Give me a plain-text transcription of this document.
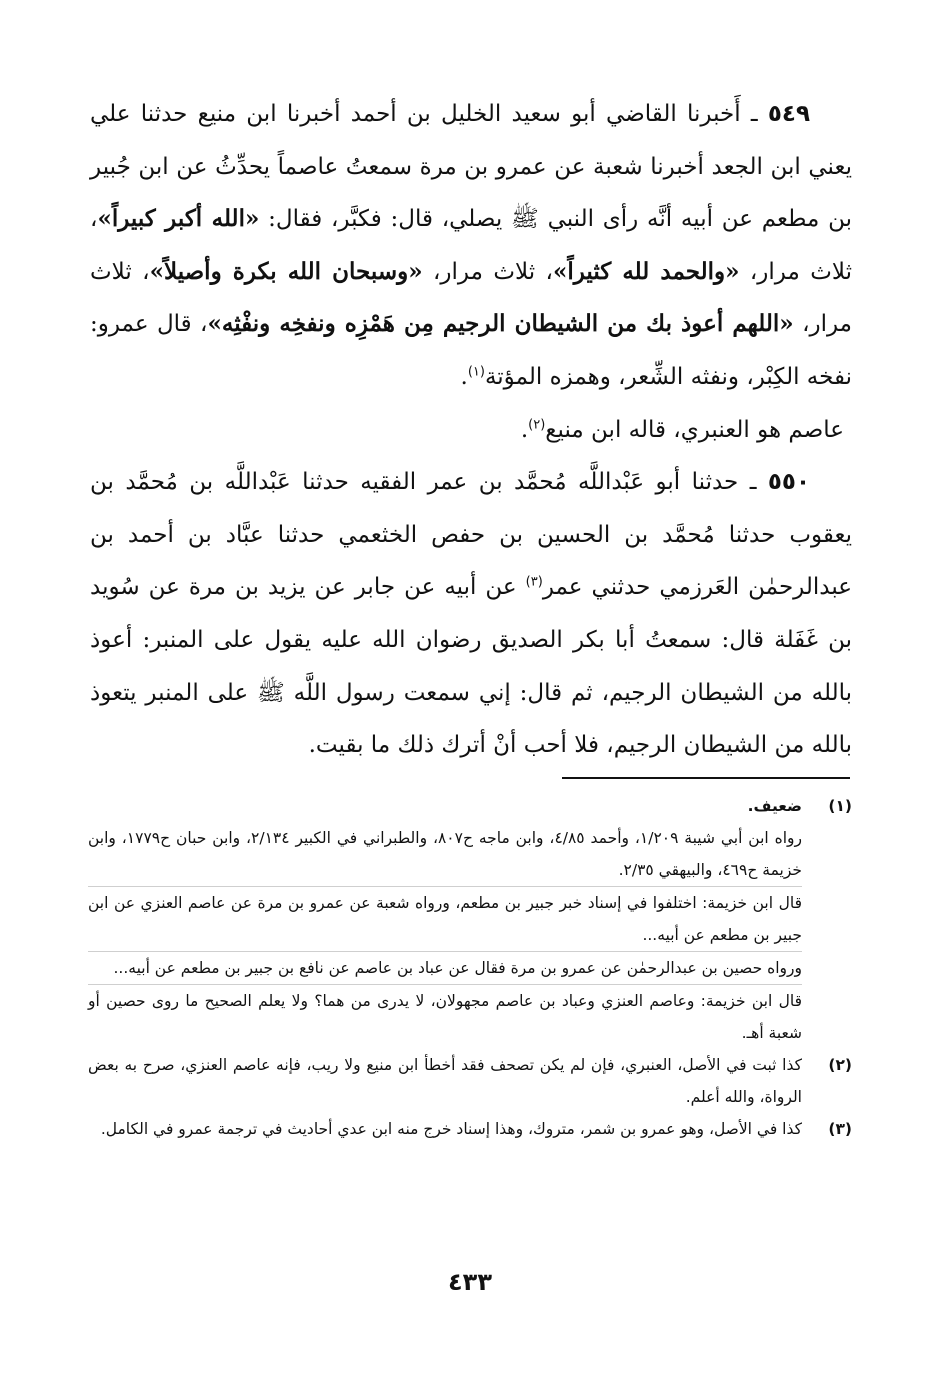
٥٤٩ ـ أَخبرنا القاضي أبو سعيد الخليل بن أحمد أخبرنا ابن منيع حدثنا علي يعني ابن الجعد أخبرنا شعبة عن عمرو بن مرة سمعتُ عاصماً يحدِّثُ عن ابن جُبير بن مطعم عن أبيه أنَّه رأى النبي ﷺ يصلي، قال: فكبَّر، فقال: «الله أكبر كبيراً»، ثلاث مرار، «والحمد لله كثيراً»، ثلاث مرار، «وسبحان الله بكرة وأصيلاً»، ثلاث مرار، «اللهم أعوذ بك من الشيطان الرجيم مِن هَمْزِه ونفخِه ونفْثِه»، قال عمرو: نفخه الكِبْر، ونفثه الشِّعر، وهمزه المؤتة$^{(١)}$.

عاصم هو العنبري، قاله ابن منيع$^{(٢)}$.

٥٥٠ ـ حدثنا أبو عَبْداللَّه مُحمَّد بن عمر الفقيه حدثنا عَبْداللَّه بن مُحمَّد بن يعقوب حدثنا مُحمَّد بن الحسين بن حفص الخثعمي حدثنا عبَّاد بن أحمد بن عبدالرحمٰن العَرزمي حدثني عمر$^{(٣)}$ عن أبيه عن جابر عن يزيد بن مرة عن سُويد بن غَفَلة قال: سمعتُ أبا بكر الصديق رضوان الله عليه يقول على المنبر: أعوذ بالله من الشيطان الرجيم، ثم قال: إني سمعت رسول اللَّه ﷺ على المنبر يتعوذ بالله من الشيطان الرجيم، فلا أحب أنْ أترك ذلك ما بقيت.

(١)

ضعيف.

رواه ابن أبي شيبة ١/٢٠٩، وأحمد ٤/٨٥، وابن ماجه ح٨٠٧، والطبراني في الكبير ٢/١٣٤، وابن حبان ح١٧٧٩، وابن خزيمة ح٤٦٩، والبيهقي ٢/٣٥.

قال ابن خزيمة: اختلفوا في إسناد خبر جبير بن مطعم، ورواه شعبة عن عمرو بن مرة عن عاصم العنزي عن ابن جبير بن مطعم عن أبيه...

ورواه حصين بن عبدالرحمٰن عن عمرو بن مرة فقال عن عباد بن عاصم عن نافع بن جبير بن مطعم عن أبيه...

قال ابن خزيمة: وعاصم العنزي وعباد بن عاصم مجهولان، لا يدرى من هما؟ ولا يعلم الصحيح ما روى حصين أو شعبة أهـ.

(٢)

كذا ثبت في الأصل، العنبري، فإن لم يكن تصحف فقد أخطأ ابن منيع ولا ريب، فإنه عاصم العنزي، صرح به بعض الرواة، والله أعلم.

(٣)

كذا في الأصل، وهو عمرو بن شمر، متروك، وهذا إسناد خرج منه ابن عدي أحاديث في ترجمة عمرو في الكامل.

٤٣٣
